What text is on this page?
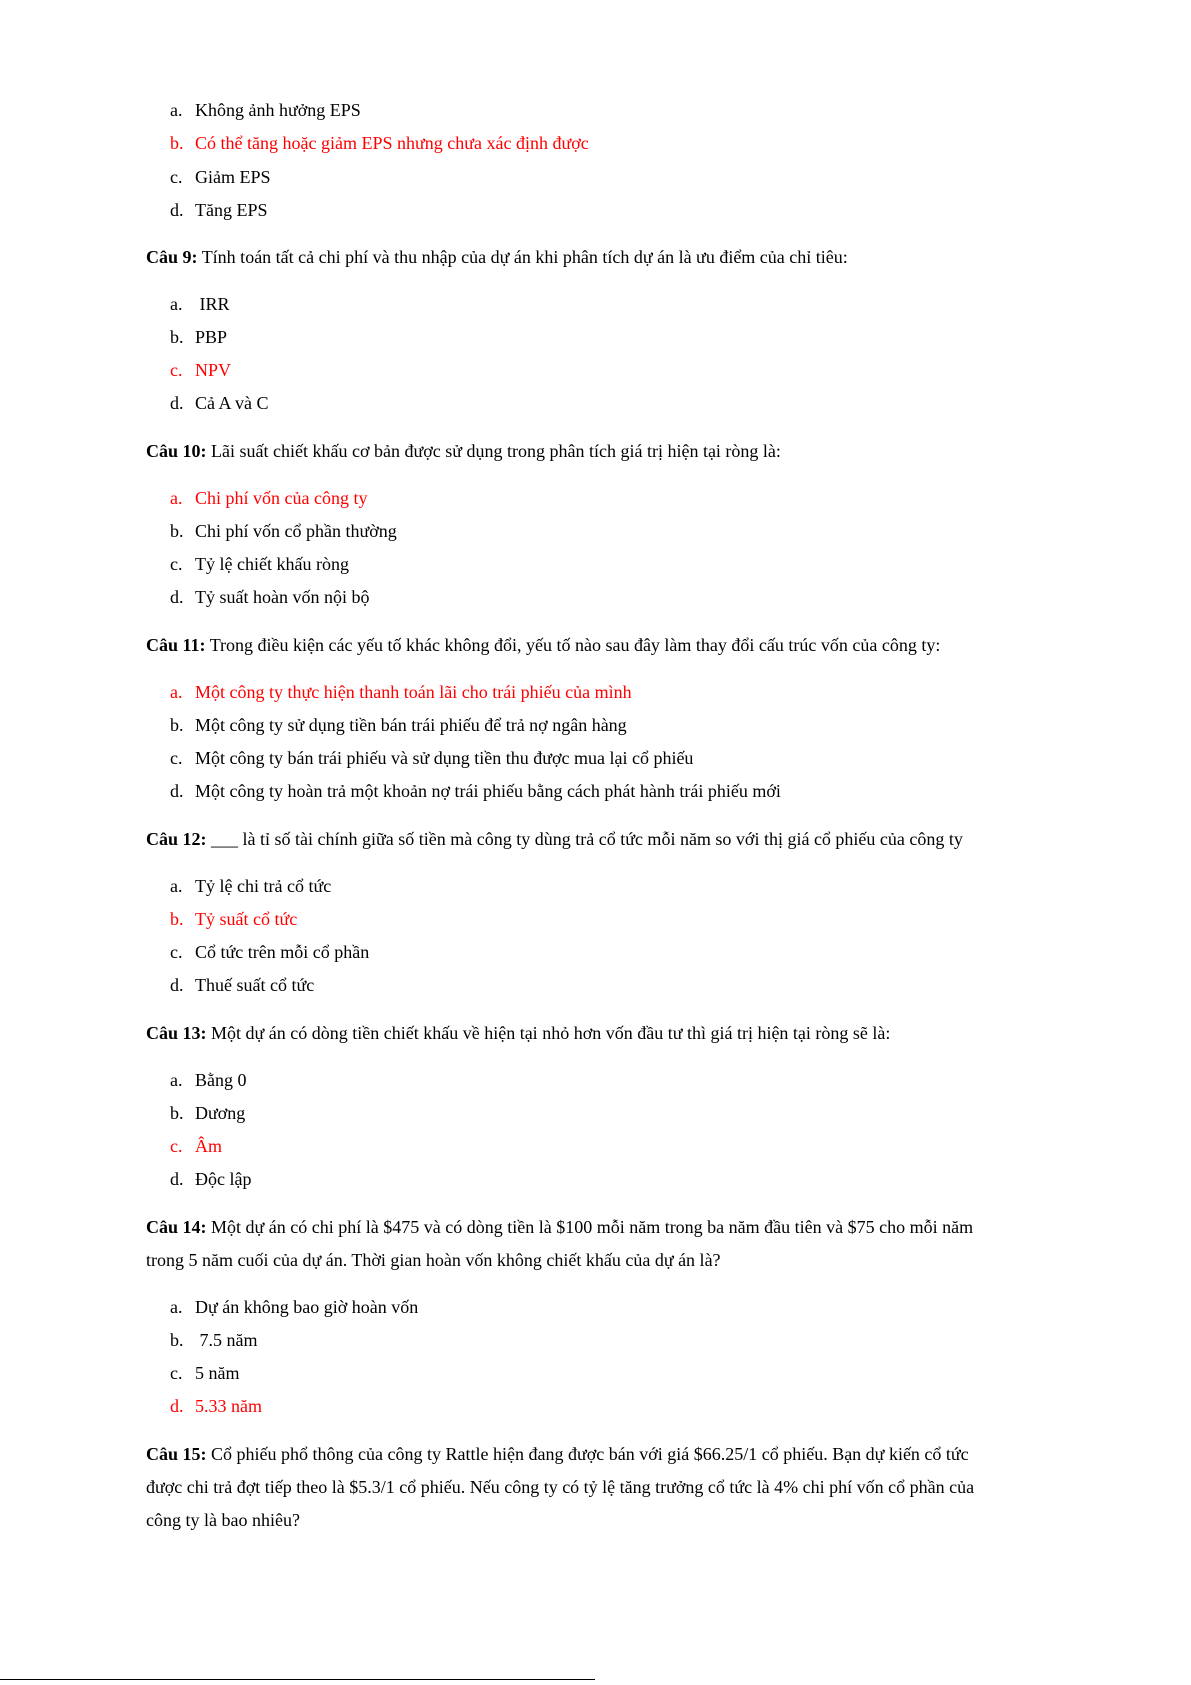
a. Không ảnh hưởng EPS
b. Có thể tăng hoặc giảm EPS nhưng chưa xác định được
c. Giảm EPS
d. Tăng EPS
Câu 9: Tính toán tất cả chi phí và thu nhập của dự án khi phân tích dự án là ưu điểm của chỉ tiêu:
a. IRR
b. PBP
c. NPV
d. Cả A và C
Câu 10: Lãi suất chiết khấu cơ bản được sử dụng trong phân tích giá trị hiện tại ròng là:
a. Chi phí vốn của công ty
b. Chi phí vốn cổ phần thường
c. Tỷ lệ chiết khấu ròng
d. Tỷ suất hoàn vốn nội bộ
Câu 11: Trong điều kiện các yếu tố khác không đổi, yếu tố nào sau đây làm thay đổi cấu trúc vốn của công ty:
a. Một công ty thực hiện thanh toán lãi cho trái phiếu của mình
b. Một công ty sử dụng tiền bán trái phiếu để trả nợ ngân hàng
c. Một công ty bán trái phiếu và sử dụng tiền thu được mua lại cổ phiếu
d. Một công ty hoàn trả một khoản nợ trái phiếu bằng cách phát hành trái phiếu mới
Câu 12: ___ là tỉ số tài chính giữa số tiền mà công ty dùng trả cổ tức mỗi năm so với thị giá cổ phiếu của công ty
a. Tỷ lệ chi trả cổ tức
b. Tỷ suất cổ tức
c. Cổ tức trên mỗi cổ phần
d. Thuế suất cổ tức
Câu 13: Một dự án có dòng tiền chiết khấu về hiện tại nhỏ hơn vốn đầu tư thì giá trị hiện tại ròng sẽ là:
a. Bằng 0
b. Dương
c. Âm
d. Độc lập
Câu 14: Một dự án có chi phí là $475 và có dòng tiền là $100 mỗi năm trong ba năm đầu tiên và $75 cho mỗi năm
trong 5 năm cuối của dự án. Thời gian hoàn vốn không chiết khấu của dự án là?
a. Dự án không bao giờ hoàn vốn
b. 7.5 năm
c. 5 năm
d. 5.33 năm
Câu 15: Cổ phiếu phổ thông của công ty Rattle hiện đang được bán với giá $66.25/1 cổ phiếu. Bạn dự kiến cổ tức
được chi trả đợt tiếp theo là $5.3/1 cổ phiếu. Nếu công ty có tỷ lệ tăng trưởng cổ tức là 4% chi phí vốn cổ phần của
công ty là bao nhiêu?
